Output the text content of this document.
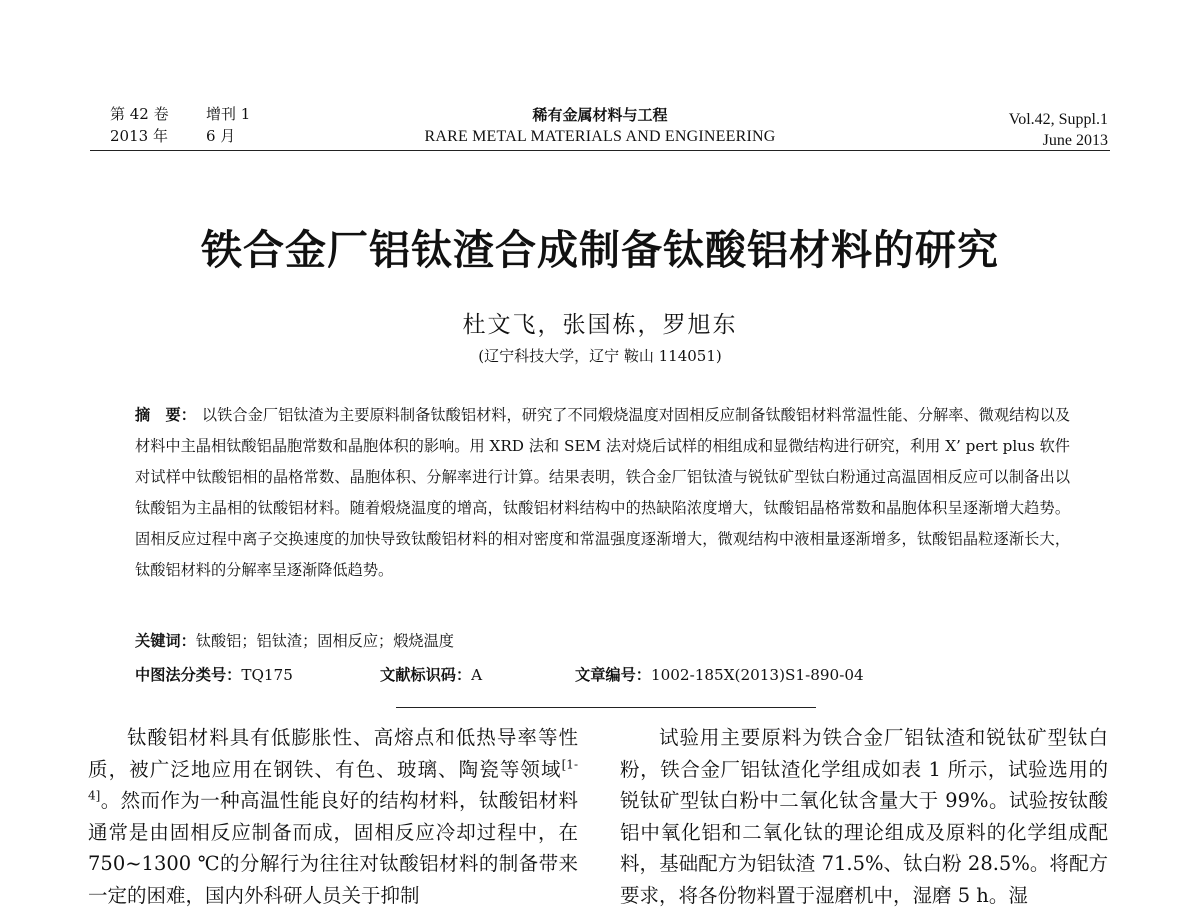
第 42 卷	增刊 1
2013 年	6 月
稀有金属材料与工程
RARE METAL MATERIALS AND ENGINEERING
Vol.42, Suppl.1
June 2013
铁合金厂铝钛渣合成制备钛酸铝材料的研究
杜文飞，张国栋，罗旭东
(辽宁科技大学，辽宁 鞍山 114051)
摘　要： 以铁合金厂铝钛渣为主要原料制备钛酸铝材料，研究了不同煅烧温度对固相反应制备钛酸铝材料常温性能、分解率、微观结构以及材料中主晶相钛酸铝晶胞常数和晶胞体积的影响。用 XRD 法和 SEM 法对烧后试样的相组成和显微结构进行研究，利用 X’ pert plus 软件对试样中钛酸铝相的晶格常数、晶胞体积、分解率进行计算。结果表明，铁合金厂铝钛渣与锐钛矿型钛白粉通过高温固相反应可以制备出以钛酸铝为主晶相的钛酸铝材料。随着煅烧温度的增高，钛酸铝材料结构中的热缺陷浓度增大，钛酸铝晶格常数和晶胞体积呈逐渐增大趋势。固相反应过程中离子交换速度的加快导致钛酸铝材料的相对密度和常温强度逐渐增大，微观结构中液相量逐渐增多，钛酸铝晶粒逐渐长大，钛酸铝材料的分解率呈逐渐降低趋势。
关键词：钛酸铝；铝钛渣；固相反应；煅烧温度
中图法分类号：TQ175	文献标识码：A	文章编号：1002-185X(2013)S1-890-04

钛酸铝材料具有低膨胀性、高熔点和低热导率等性质，被广泛地应用在钢铁、有色、玻璃、陶瓷等领域[1-4]。然而作为一种高温性能良好的结构材料，钛酸铝材料通常是由固相反应制备而成，固相反应冷却过程中，在 750~1300 ℃的分解行为往往对钛酸铝材料的制备带来一定的困难，国内外科研人员关于抑制

试验用主要原料为铁合金厂铝钛渣和锐钛矿型钛白粉，铁合金厂铝钛渣化学组成如表 1 所示，试验选用的锐钛矿型钛白粉中二氧化钛含量大于 99%。试验按钛酸铝中氧化铝和二氧化钛的理论组成及原料的化学组成配料，基础配方为铝钛渣 71.5%、钛白粉 28.5%。将配方要求，将各份物料置于湿磨机中，湿磨 5 h。湿
